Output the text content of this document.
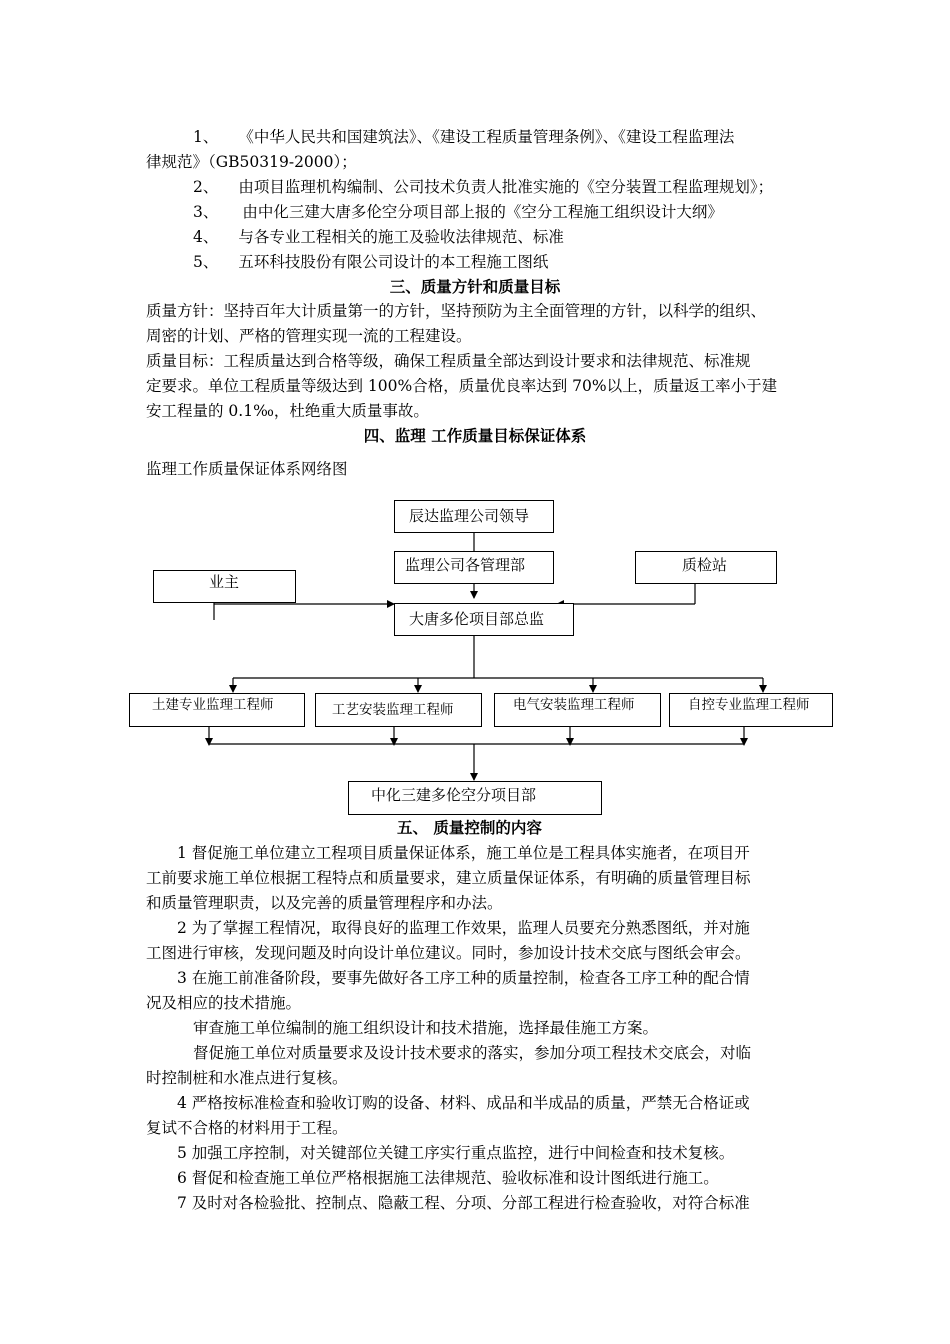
1、 《中华人民共和国建筑法》、《建设工程质量管理条例》、《建设工程监理法
律规范》（GB50319-2000）；
2、 由项目监理机构编制、公司技术负责人批准实施的《空分装置工程监理规划》；
3、 由中化三建大唐多伦空分项目部上报的《空分工程施工组织设计大纲》
4、 与各专业工程相关的施工及验收法律规范、标准
5、 五环科技股份有限公司设计的本工程施工图纸
三、质量方针和质量目标
质量方针：坚持百年大计质量第一的方针，坚持预防为主全面管理的方针，以科学的组织、
周密的计划、严格的管理实现一流的工程建设。
质量目标：工程质量达到合格等级，确保工程质量全部达到设计要求和法律规范、标准规
定要求。单位工程质量等级达到 100%合格，质量优良率达到 70%以上，质量返工率小于建
安工程量的 0.1‰，杜绝重大质量事故。
四、监理 工作质量目标保证体系
监理工作质量保证体系网络图
辰达监理公司领导
监理公司各管理部	质检站
业主
大唐多伦项目部总监
土建专业监理工程师	工艺安装监理工程师	电气安装监理工程师	自控专业监理工程师
中化三建多伦空分项目部
五、 质量控制的内容
1 督促施工单位建立工程项目质量保证体系，施工单位是工程具体实施者，在项目开
工前要求施工单位根据工程特点和质量要求，建立质量保证体系，有明确的质量管理目标
和质量管理职责，以及完善的质量管理程序和办法。
2 为了掌握工程情况，取得良好的监理工作效果，监理人员要充分熟悉图纸，并对施
工图进行审核，发现问题及时向设计单位建议。同时，参加设计技术交底与图纸会审会。
3 在施工前准备阶段，要事先做好各工序工种的质量控制，检查各工序工种的配合情
况及相应的技术措施。
审查施工单位编制的施工组织设计和技术措施，选择最佳施工方案。
督促施工单位对质量要求及设计技术要求的落实，参加分项工程技术交底会，对临
时控制桩和水准点进行复核。
4 严格按标准检查和验收订购的设备、材料、成品和半成品的质量，严禁无合格证或
复试不合格的材料用于工程。
5 加强工序控制，对关键部位关键工序实行重点监控，进行中间检查和技术复核。
6 督促和检查施工单位严格根据施工法律规范、验收标准和设计图纸进行施工。
7 及时对各检验批、控制点、隐蔽工程、分项、分部工程进行检查验收，对符合标准
